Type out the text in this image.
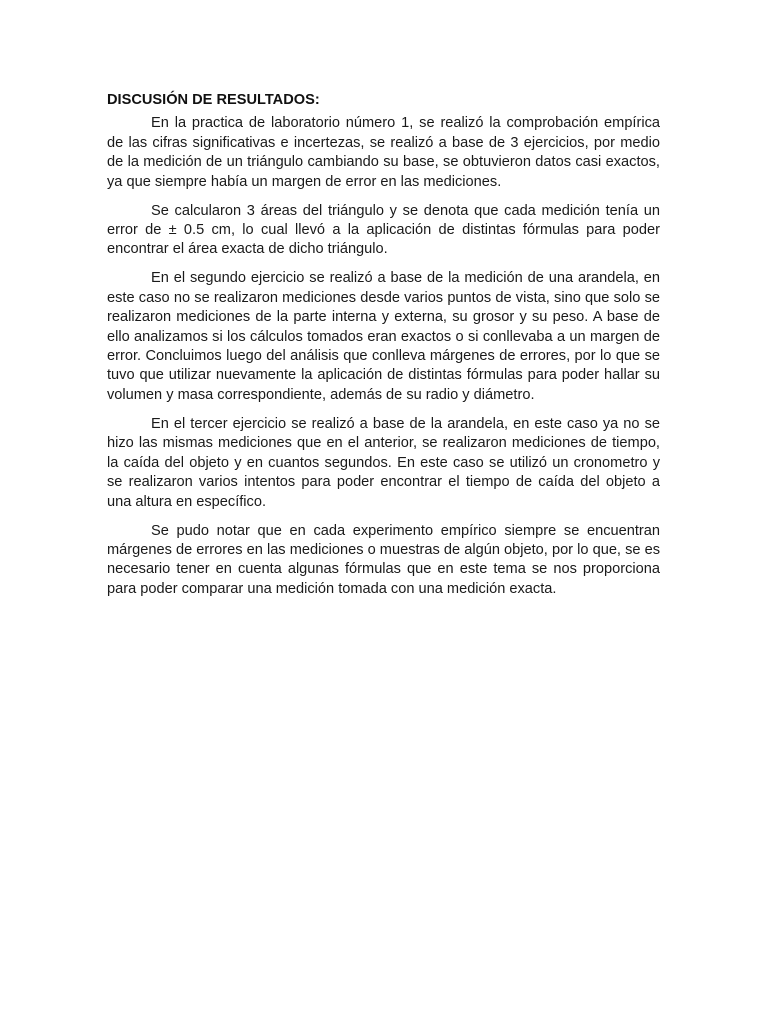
DISCUSIÓN DE RESULTADOS:

En la practica de laboratorio número 1, se realizó la comprobación empírica de las cifras significativas e incertezas, se realizó a base de 3 ejercicios, por medio de la medición de un triángulo cambiando su base, se obtuvieron datos casi exactos, ya que siempre había un margen de error en las mediciones.

Se calcularon 3 áreas del triángulo y se denota que cada medición tenía un error de ± 0.5 cm, lo cual llevó a la aplicación de distintas fórmulas para poder encontrar el área exacta de dicho triángulo.

En el segundo ejercicio se realizó a base de la medición de una arandela, en este caso no se realizaron mediciones desde varios puntos de vista, sino que solo se realizaron mediciones de la parte interna y externa, su grosor y su peso. A base de ello analizamos si los cálculos tomados eran exactos o si conllevaba a un margen de error. Concluimos luego del análisis que conlleva márgenes de errores, por lo que se tuvo que utilizar nuevamente la aplicación de distintas fórmulas para poder hallar su volumen y masa correspondiente, además de su radio y diámetro.

En el tercer ejercicio se realizó a base de la arandela, en este caso ya no se hizo las mismas mediciones que en el anterior, se realizaron mediciones de tiempo, la caída del objeto y en cuantos segundos. En este caso se utilizó un cronometro y se realizaron varios intentos para poder encontrar el tiempo de caída del objeto a una altura en específico.

Se pudo notar que en cada experimento empírico siempre se encuentran márgenes de errores en las mediciones o muestras de algún objeto, por lo que, se es necesario tener en cuenta algunas fórmulas que en este tema se nos proporciona para poder comparar una medición tomada con una medición exacta.
